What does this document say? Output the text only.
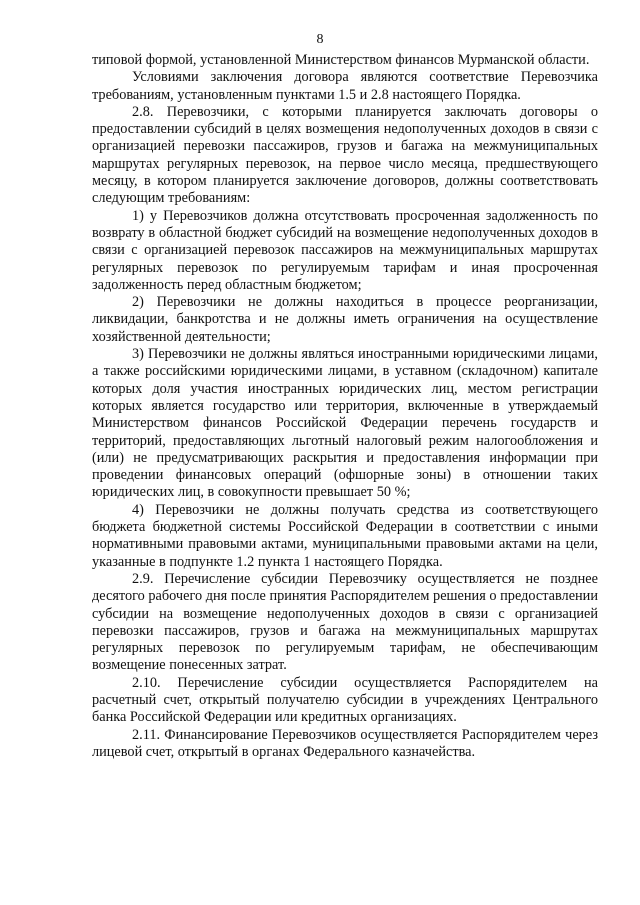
8

типовой формой, установленной Министерством финансов Мурманской области.

Условиями заключения договора являются соответствие Перевозчика требованиям, установленным пунктами 1.5 и 2.8 настоящего Порядка.

2.8. Перевозчики, с которыми планируется заключать договоры о предоставлении субсидий в целях возмещения недополученных доходов в связи с организацией перевозки пассажиров, грузов и багажа на межмуниципальных маршрутах регулярных перевозок, на первое число месяца, предшествующего месяцу, в котором планируется заключение договоров, должны соответствовать следующим требованиям:

1) у Перевозчиков должна отсутствовать просроченная задолженность по возврату в областной бюджет субсидий на возмещение недополученных доходов в связи с организацией перевозок пассажиров на межмуниципальных маршрутах регулярных перевозок по регулируемым тарифам и иная просроченная задолженность перед областным бюджетом;

2) Перевозчики не должны находиться в процессе реорганизации, ликвидации, банкротства и не должны иметь ограничения на осуществление хозяйственной деятельности;

3) Перевозчики не должны являться иностранными юридическими лицами, а также российскими юридическими лицами, в уставном (складочном) капитале которых доля участия иностранных юридических лиц, местом регистрации которых является государство или территория, включенные в утверждаемый Министерством финансов Российской Федерации перечень государств и территорий, предоставляющих льготный налоговый режим налогообложения и (или) не предусматривающих раскрытия и предоставления информации при проведении финансовых операций (офшорные зоны) в отношении таких юридических лиц, в совокупности превышает 50 %;

4) Перевозчики не должны получать средства из соответствующего бюджета бюджетной системы Российской Федерации в соответствии с иными нормативными правовыми актами, муниципальными правовыми актами на цели, указанные в подпункте 1.2 пункта 1 настоящего Порядка.

2.9. Перечисление субсидии Перевозчику осуществляется не позднее десятого рабочего дня после принятия Распорядителем решения о предоставлении субсидии на возмещение недополученных доходов в связи с организацией перевозки пассажиров, грузов и багажа на межмуниципальных маршрутах регулярных перевозок по регулируемым тарифам, не обеспечивающим возмещение понесенных затрат.

2.10. Перечисление субсидии осуществляется Распорядителем на расчетный счет, открытый получателю субсидии в учреждениях Центрального банка Российской Федерации или кредитных организациях.

2.11. Финансирование Перевозчиков осуществляется Распорядителем через лицевой счет, открытый в органах Федерального казначейства.
